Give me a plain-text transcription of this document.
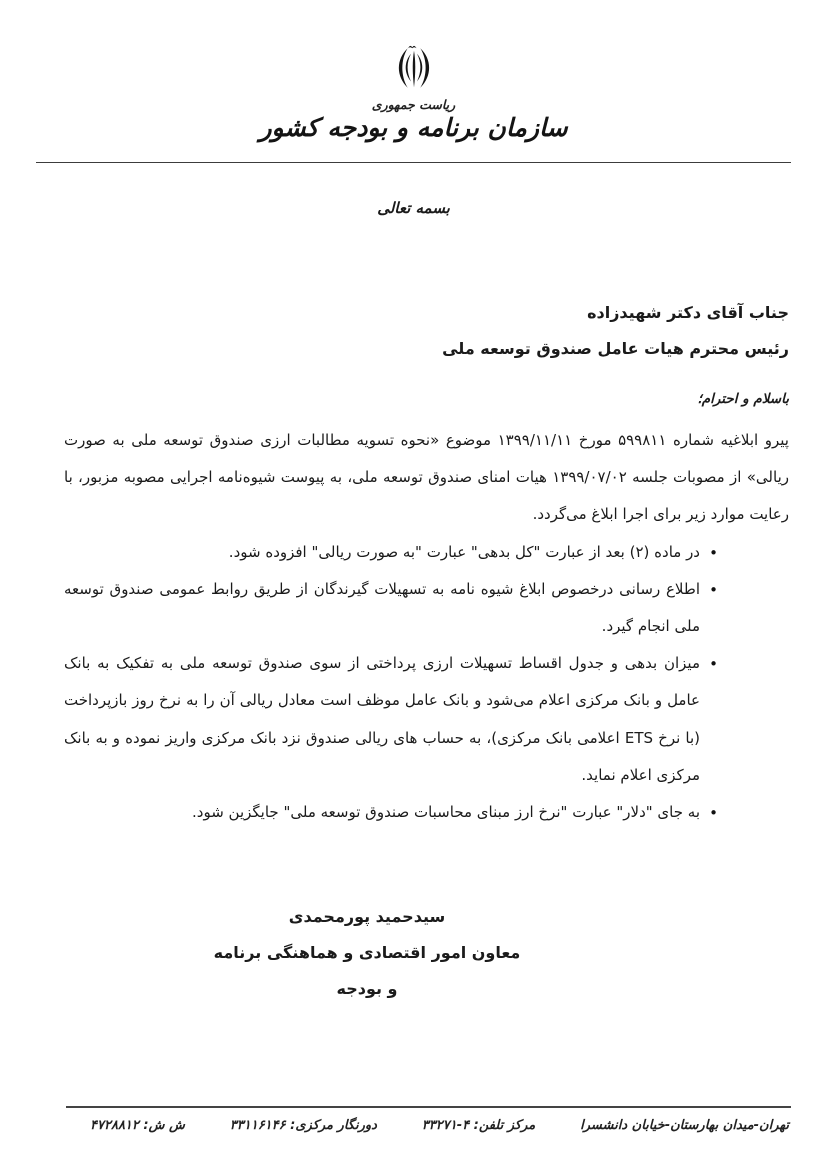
ریاست جمهوری
سازمان برنامه و بودجه کشور
بسمه تعالی
جناب آقای دکتر شهیدزاده
رئیس محترم هیات عامل صندوق توسعه ملی
باسلام و احترام؛

پیرو ابلاغیه شماره ۵۹۹۸۱۱ مورخ ۱۳۹۹/۱۱/۱۱ موضوع «نحوه تسویه مطالبات ارزی صندوق توسعه ملی به صورت ریالی» از مصوبات جلسه ۱۳۹۹/۰۷/۰۲ هیات امنای صندوق توسعه ملی، به پیوست شیوه‌نامه اجرایی مصوبه مزبور، با رعایت موارد زیر برای اجرا ابلاغ می‌گردد.

• در ماده (۲) بعد از عبارت "کل بدهی" عبارت "به صورت ریالی" افزوده شود.
• اطلاع رسانی درخصوص ابلاغ شیوه نامه به تسهیلات گیرندگان از طریق روابط عمومی صندوق توسعه ملی انجام گیرد.
• میزان بدهی و جدول اقساط تسهیلات ارزی پرداختی از سوی صندوق توسعه ملی به تفکیک به بانک عامل و بانک مرکزی اعلام می‌شود و بانک عامل موظف است معادل ریالی آن را به نرخ روز بازپرداخت (با نرخ ETS اعلامی بانک مرکزی)، به حساب های ریالی صندوق نزد بانک مرکزی واریز نموده و به بانک مرکزی اعلام نماید.
• به جای "دلار" عبارت "نرخ ارز مبنای محاسبات صندوق توسعه ملی" جایگزین شود.
سیدحمید پورمحمدی
معاون امور اقتصادی و هماهنگی برنامه
و بودجه
تهران-میدان بهارستان-خیابان دانشسرا
مرکز تلفن: ۴-۳۳۲۷۱
دورنگار مرکزی: ۳۳۱۱۶۱۴۶
ش ش: ۴۷۲۸۸۱۲
